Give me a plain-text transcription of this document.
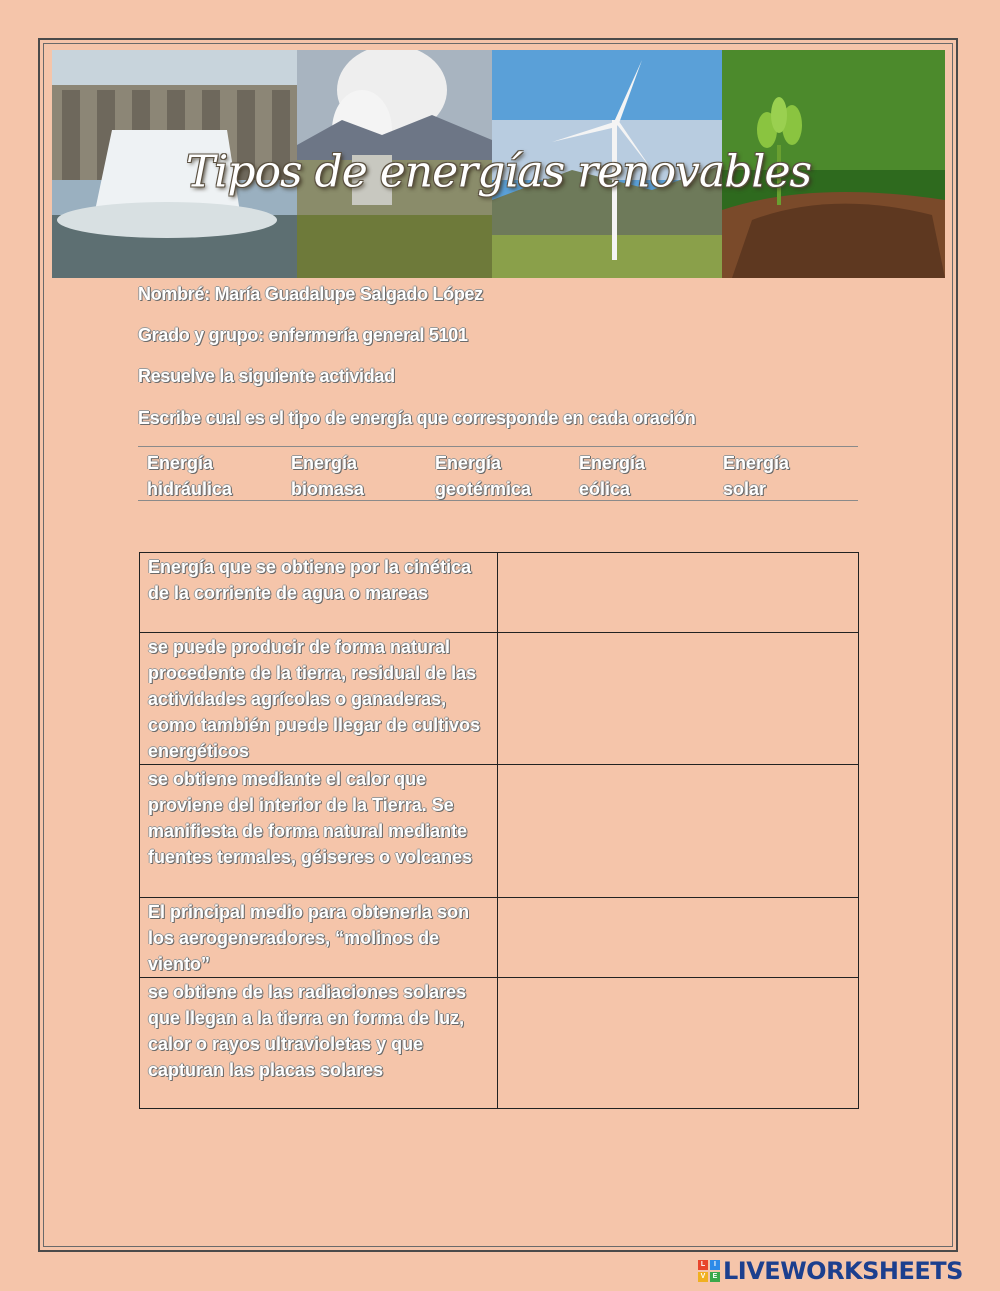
Tipos de energías renovables
Nombré: María Guadalupe Salgado López
Grado y grupo: enfermería general 5101
Resuelve la siguiente actividad
Escribe cual es el tipo de energía que corresponde en cada oración
Energía
hidráulica
Energía
biomasa
Energía
geotérmica
Energía
eólica
Energía
solar
Energía que se obtiene por la cinética de la corriente de agua o mareas	
se puede producir de forma natural procedente de la tierra, residual de las actividades agrícolas o ganaderas, como también puede llegar de cultivos energéticos	
se obtiene mediante el calor que proviene del interior de la Tierra. Se manifiesta de forma natural mediante fuentes termales, géiseres o volcanes	
El principal medio para obtenerla son los aerogeneradores, “molinos de viento”	
se obtiene de las radiaciones solares que llegan a la tierra en forma de luz, calor o rayos ultravioletas y que capturan las placas solares	
L	I
V	E LIVEWORKSHEETS
